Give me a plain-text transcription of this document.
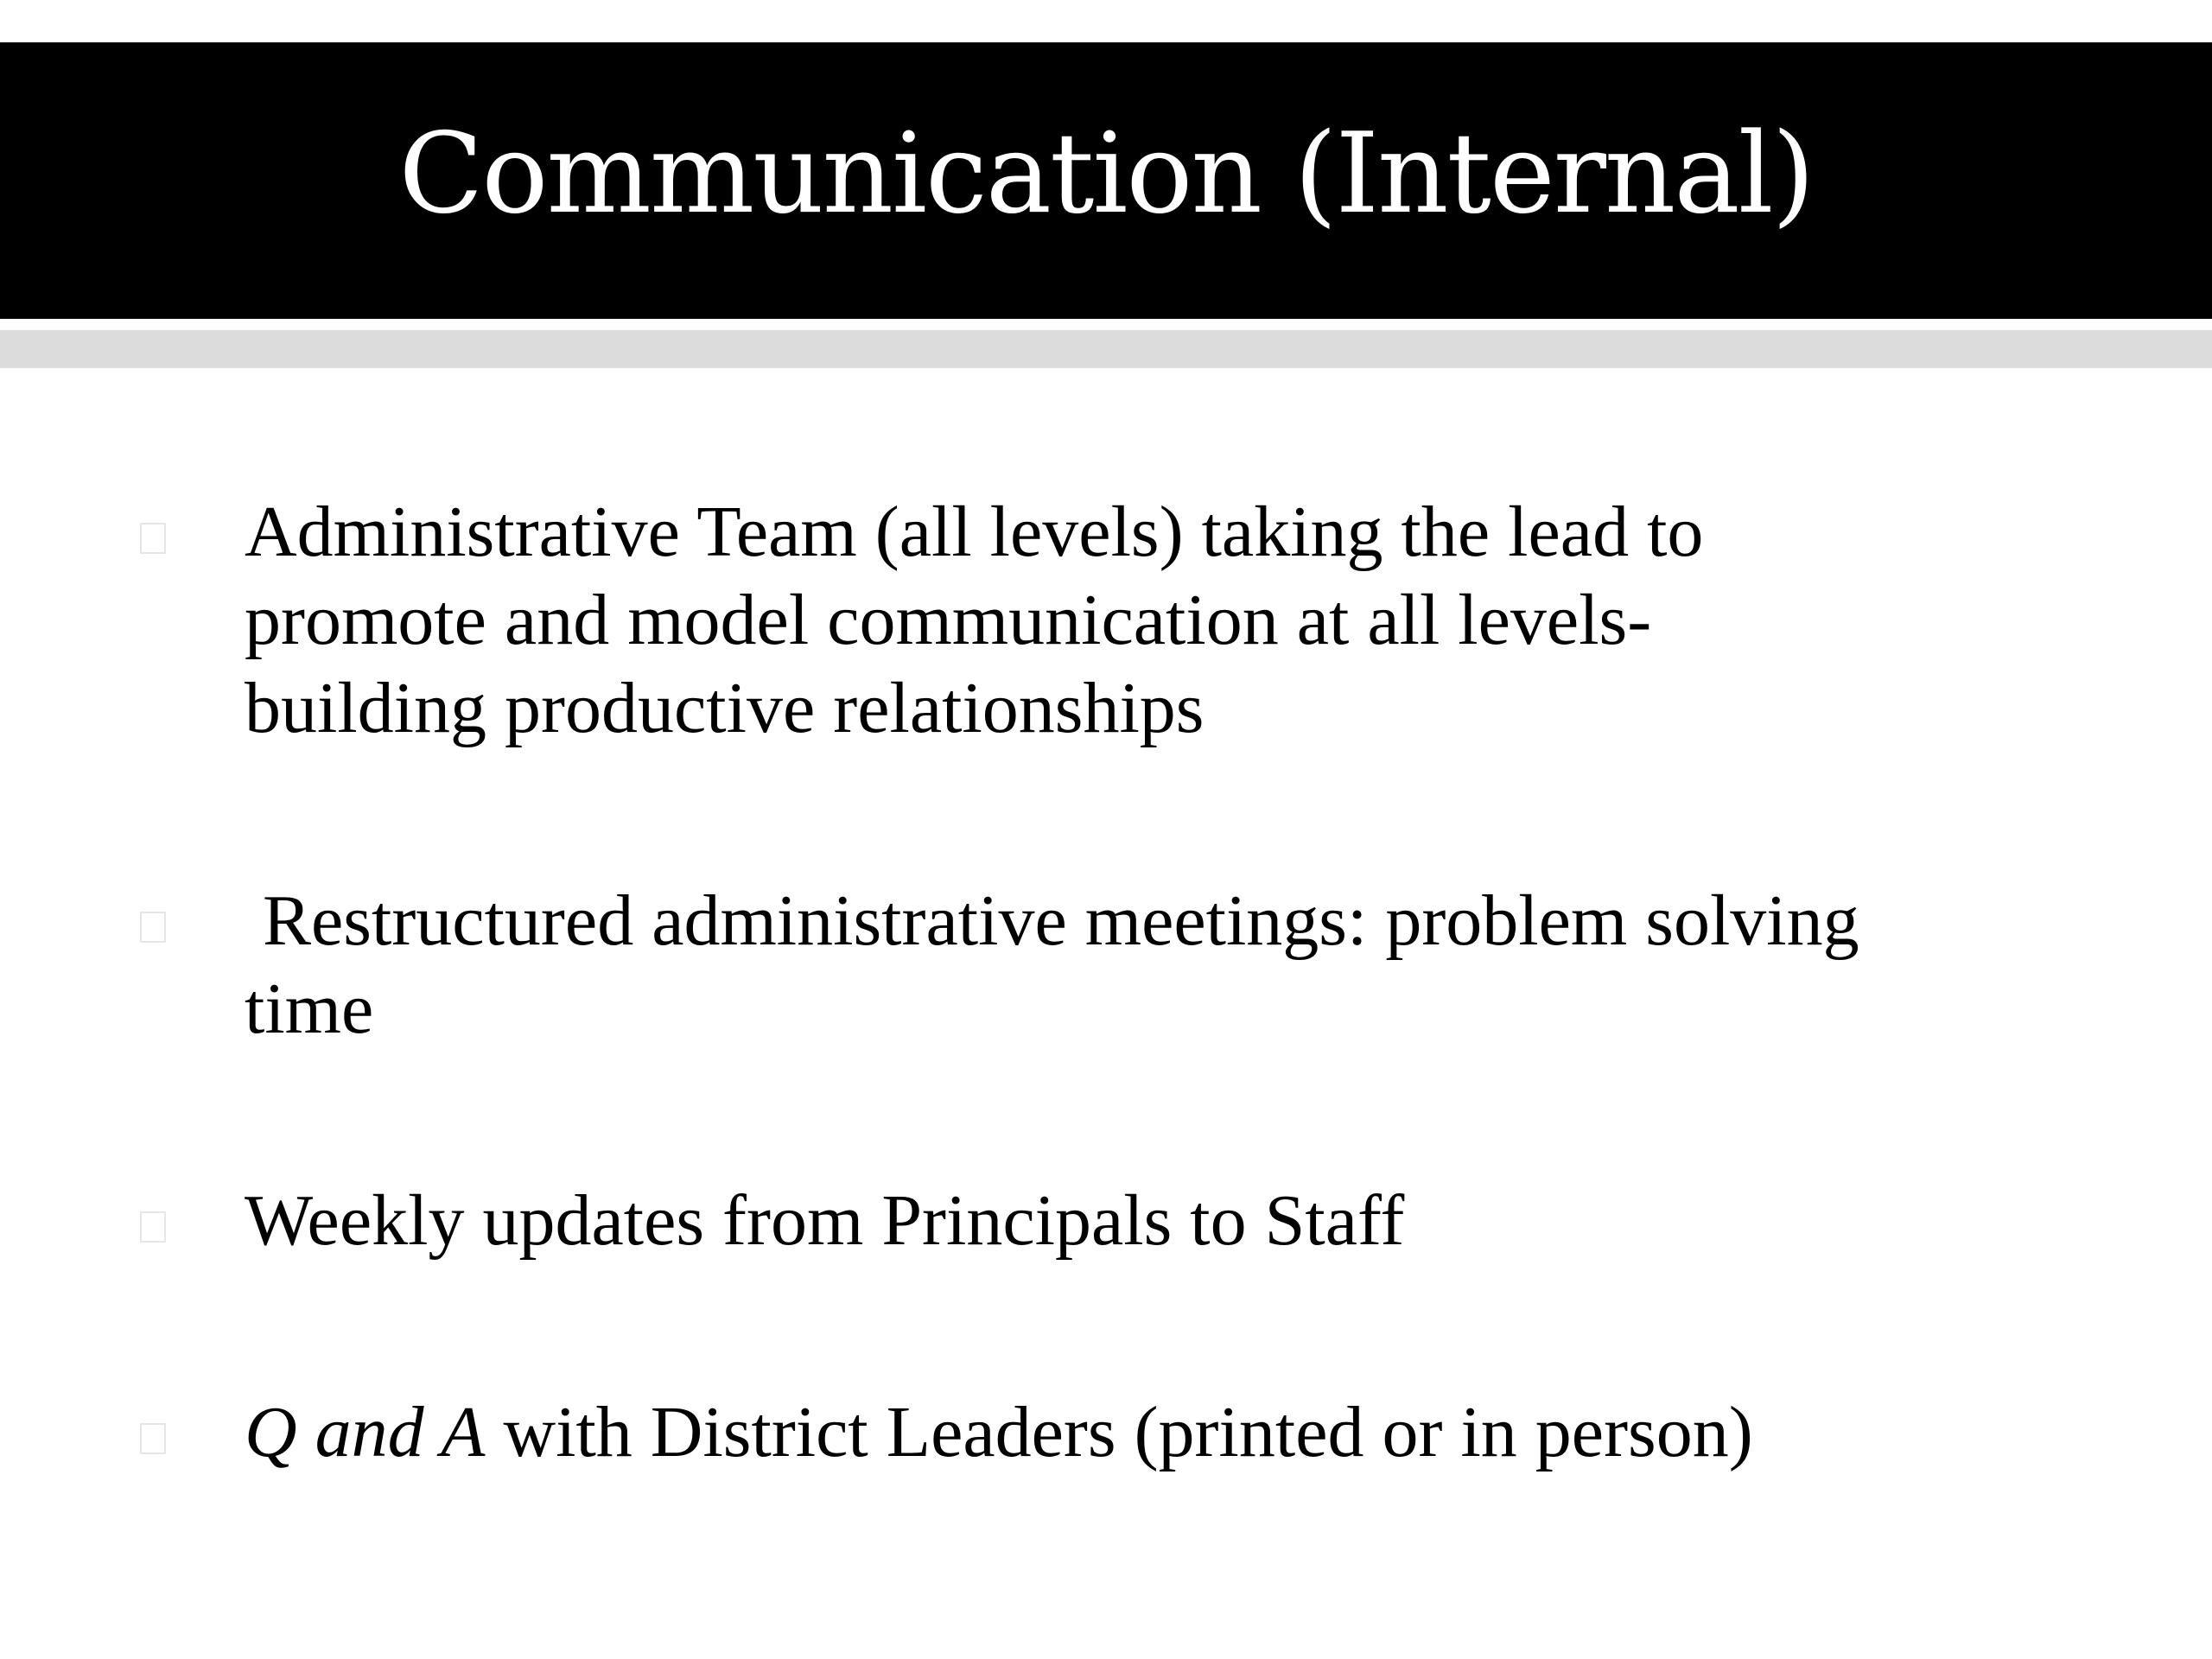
Communication (Internal)
Administrative Team (all levels) taking the lead to
promote and model communication at all levels-
building productive relationships
Restructured administrative meetings: problem solving
time
Weekly updates from Principals to Staff
Q and A with District Leaders (printed or in person)
